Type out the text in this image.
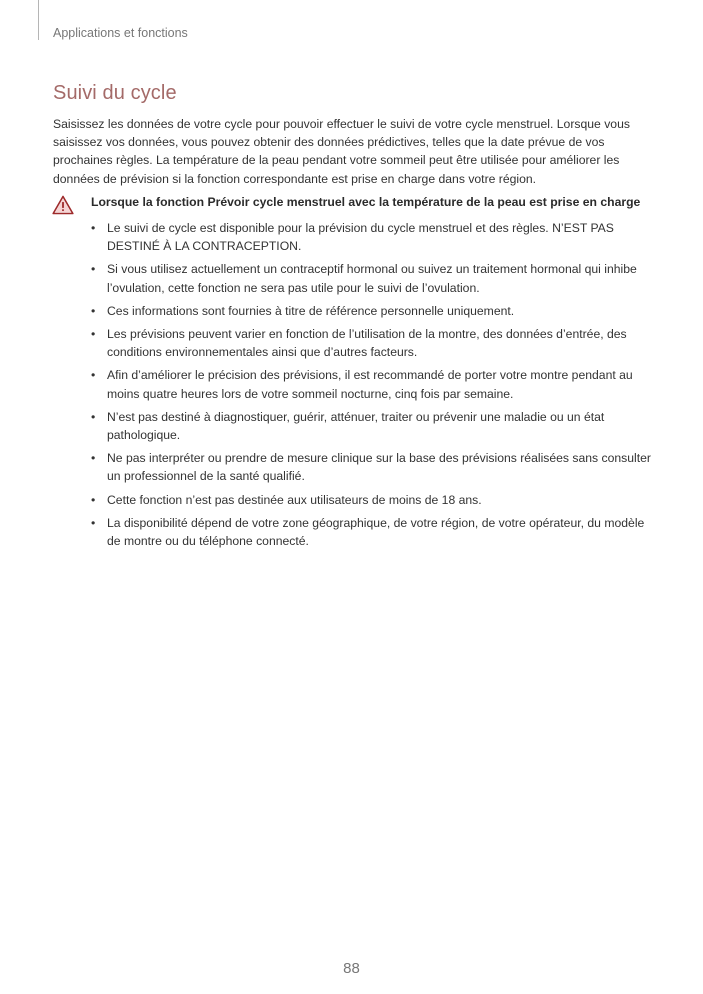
Applications et fonctions
Suivi du cycle

Saisissez les données de votre cycle pour pouvoir effectuer le suivi de votre cycle menstruel. Lorsque vous saisissez vos données, vous pouvez obtenir des données prédictives, telles que la date prévue de vos prochaines règles. La température de la peau pendant votre sommeil peut être utilisée pour améliorer les données de prévision si la fonction correspondante est prise en charge dans votre région.

Lorsque la fonction Prévoir cycle menstruel avec la température de la peau est prise en charge
• Le suivi de cycle est disponible pour la prévision du cycle menstruel et des règles. N’EST PAS DESTINÉ À LA CONTRACEPTION.
• Si vous utilisez actuellement un contraceptif hormonal ou suivez un traitement hormonal qui inhibe l’ovulation, cette fonction ne sera pas utile pour le suivi de l’ovulation.
• Ces informations sont fournies à titre de référence personnelle uniquement.
• Les prévisions peuvent varier en fonction de l’utilisation de la montre, des données d’entrée, des conditions environnementales ainsi que d’autres facteurs.
• Afin d’améliorer le précision des prévisions, il est recommandé de porter votre montre pendant au moins quatre heures lors de votre sommeil nocturne, cinq fois par semaine.
• N’est pas destiné à diagnostiquer, guérir, atténuer, traiter ou prévenir une maladie ou un état pathologique.
• Ne pas interpréter ou prendre de mesure clinique sur la base des prévisions réalisées sans consulter un professionnel de la santé qualifié.
• Cette fonction n’est pas destinée aux utilisateurs de moins de 18 ans.
• La disponibilité dépend de votre zone géographique, de votre région, de votre opérateur, du modèle de montre ou du téléphone connecté.
88
